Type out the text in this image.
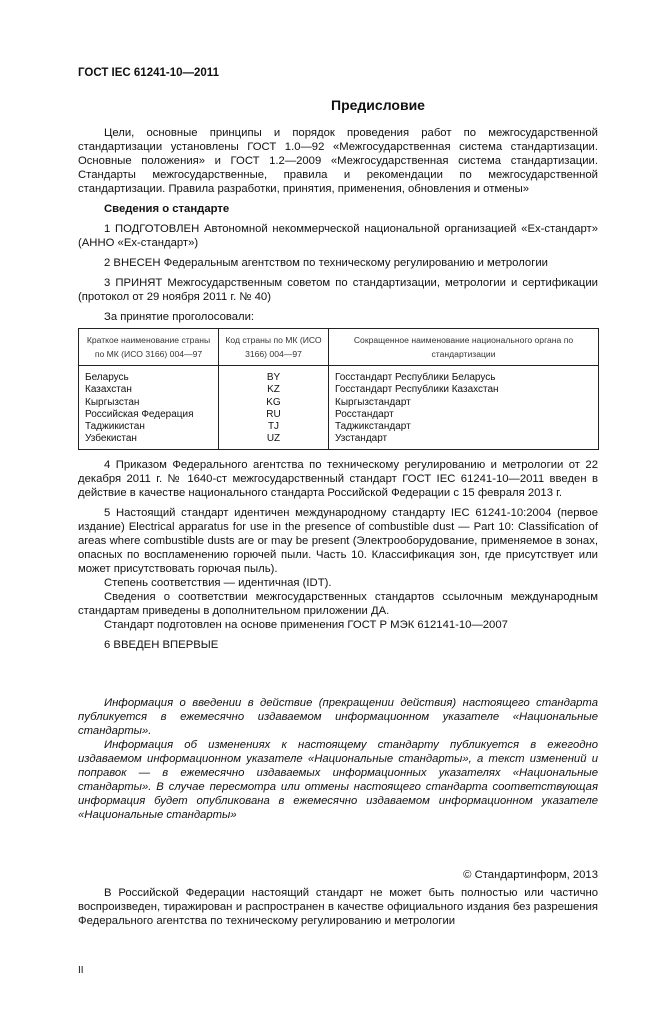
ГОСТ IEC 61241-10—2011
Предисловие
Цели, основные принципы и порядок проведения работ по межгосударственной стандартизации установлены ГОСТ 1.0—92 «Межгосударственная система стандартизации. Основные положения» и ГОСТ 1.2—2009 «Межгосударственная система стандартизации. Стандарты межгосударственные, правила и рекомендации по межгосударственной стандартизации. Правила разработки, принятия, применения, обновления и отмены»
Сведения о стандарте
1 ПОДГОТОВЛЕН Автономной некоммерческой национальной организацией «Ех-стандарт» (АННО «Ех-стандарт»)
2 ВНЕСЕН Федеральным агентством по техническому регулированию и метрологии
3 ПРИНЯТ Межгосударственным советом по стандартизации, метрологии и сертификации (протокол от 29 ноября 2011 г. № 40)
За принятие проголосовали:
Краткое наименование страны по МК (ИСО 3166) 004—97	Код страны по МК (ИСО 3166) 004—97	Сокращенное наименование национального органа по стандартизации
Беларусь	BY	Госстандарт Республики Беларусь
Казахстан	KZ	Госстандарт Республики Казахстан
Кыргызстан	KG	Кыргызстандарт
Российская Федерация	RU	Росстандарт
Таджикистан	TJ	Таджикстандарт
Узбекистан	UZ	Узстандарт
4 Приказом Федерального агентства по техническому регулированию и метрологии от 22 декабря 2011 г. № 1640-ст межгосударственный стандарт ГОСТ IEC 61241-10—2011 введен в действие в качестве национального стандарта Российской Федерации с 15 февраля 2013 г.
5 Настоящий стандарт идентичен международному стандарту IEC 61241-10:2004 (первое издание) Electrical apparatus for use in the presence of combustible dust — Part 10: Classification of areas where combustible dusts are or may be present (Электрооборудование, применяемое в зонах, опасных по воспламенению горючей пыли. Часть 10. Классификация зон, где присутствует или может присутствовать горючая пыль).
Степень соответствия — идентичная (IDT).
Сведения о соответствии межгосударственных стандартов ссылочным международным стандартам приведены в дополнительном приложении ДА.
Стандарт подготовлен на основе применения ГОСТ Р МЭК 612141-10—2007
6 ВВЕДЕН ВПЕРВЫЕ
Информация о введении в действие (прекращении действия) настоящего стандарта публикуется в ежемесячно издаваемом информационном указателе «Национальные стандарты».
Информация об изменениях к настоящему стандарту публикуется в ежегодно издаваемом информационном указателе «Национальные стандарты», а текст изменений и поправок — в ежемесячно издаваемых информационных указателях «Национальные стандарты». В случае пересмотра или отмены настоящего стандарта соответствующая информация будет опубликована в ежемесячно издаваемом информационном указателе «Национальные стандарты»
© Стандартинформ, 2013
В Российской Федерации настоящий стандарт не может быть полностью или частично воспроизведен, тиражирован и распространен в качестве официального издания без разрешения Федерального агентства по техническому регулированию и метрологии
II
